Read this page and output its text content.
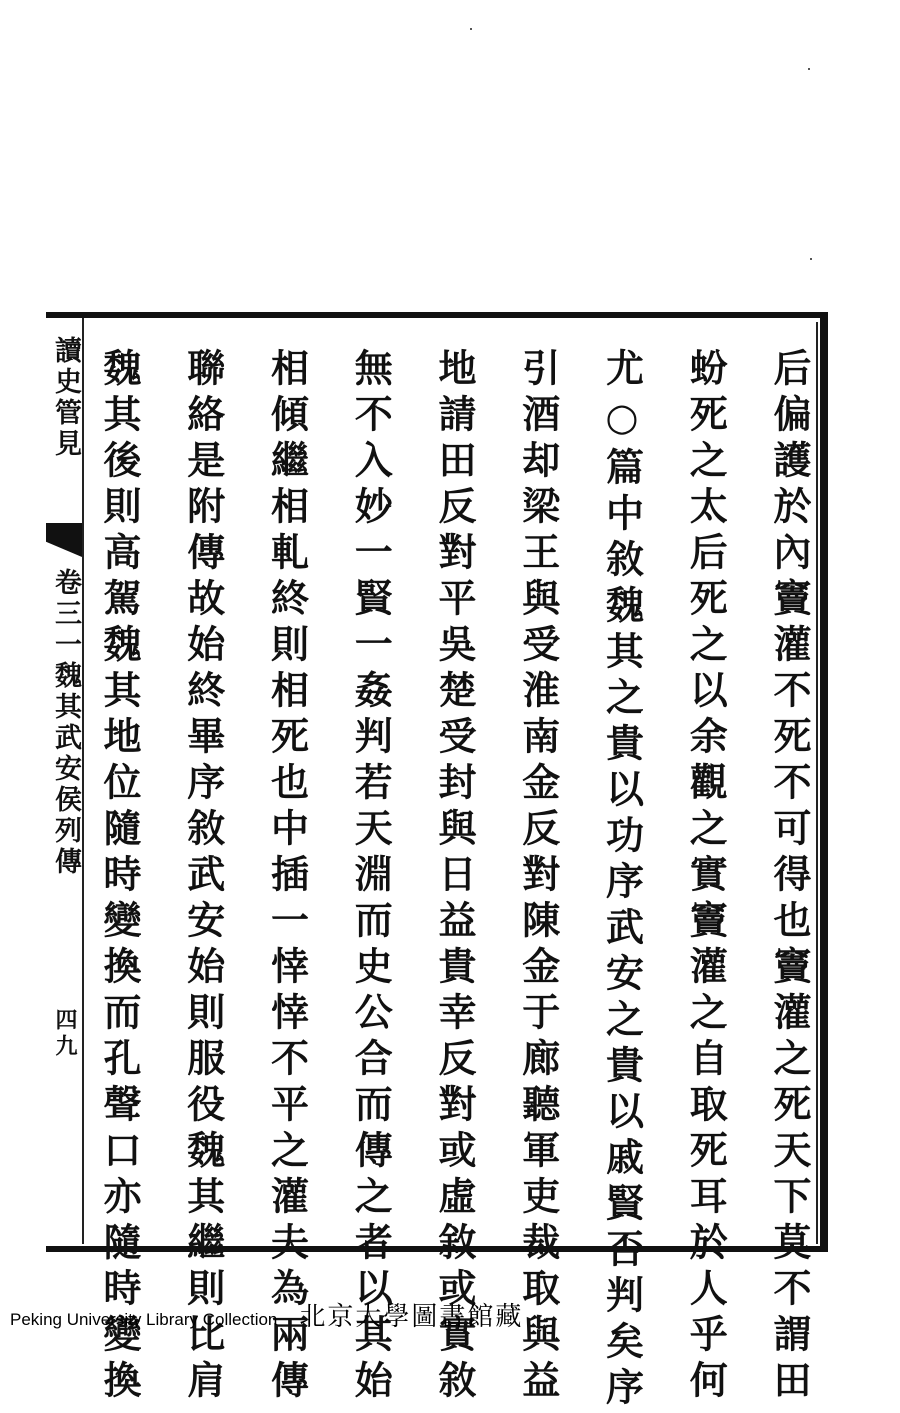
讀史管見
卷三一魏其武安侯列傳
四九	后偏護於內竇灌不死不可得也竇灌之死天下莫不謂田
蚡死之太后死之以余觀之實竇灌之自取死耳於人乎何
尤○篇中敘魏其之貴以功序武安之貴以戚賢否判矣序
引酒却梁王與受淮南金反對陳金于廊聽軍吏裁取與益
地請田反對平吳楚受封與日益貴幸反對或虛敘或實敘
無不入妙一賢一姦判若天淵而史公合而傳之者以其始
相傾繼相軋終則相死也中插一悻悻不平之灌夫為兩傳
聯絡是附傳故始終畢序敘武安始則服役魏其繼則比肩
魏其後則高駕魏其地位隨時變換而孔聲口亦隨時變換
Peking University Library Collection 北京大學圖書館藏
